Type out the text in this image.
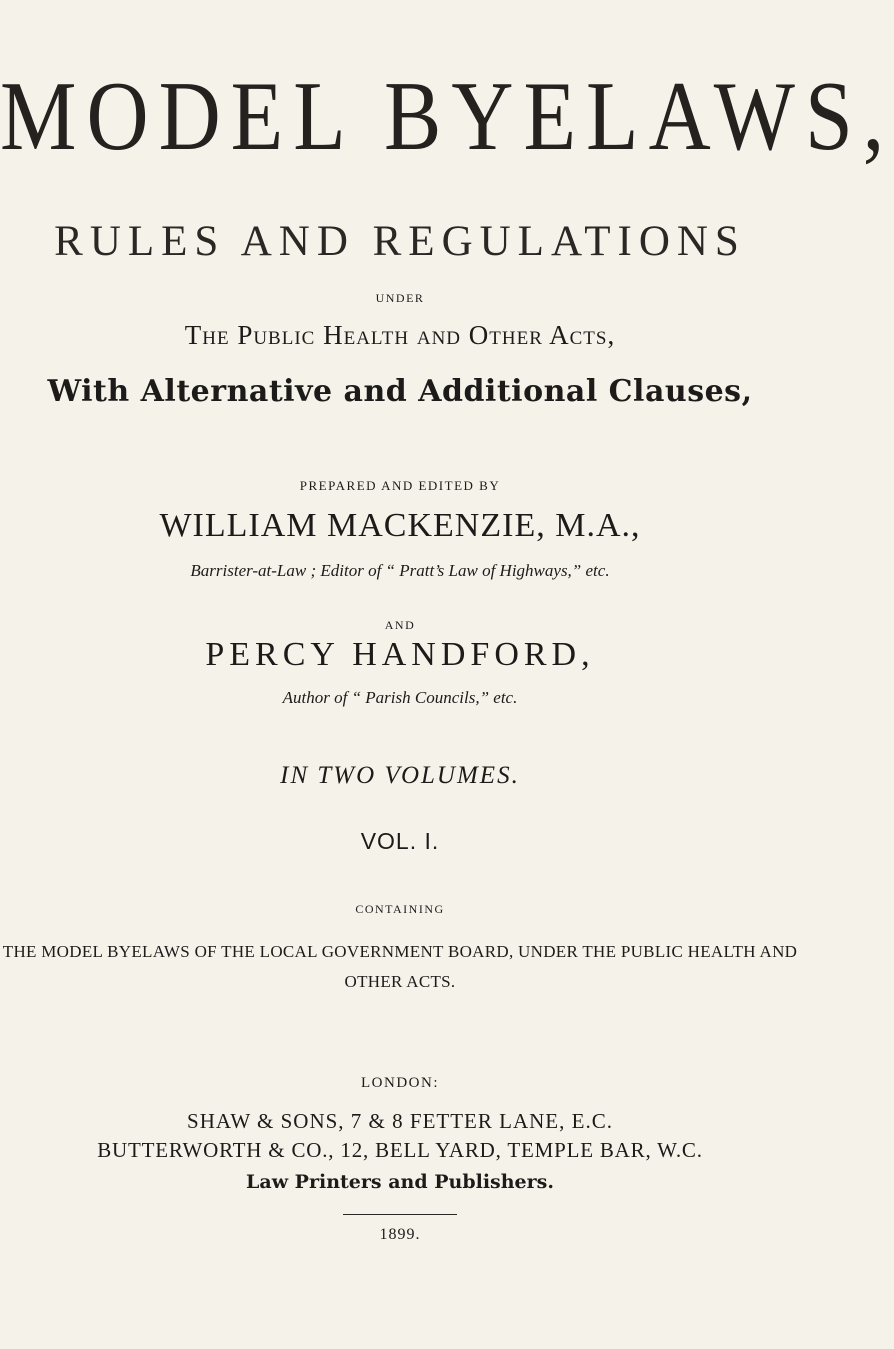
MODEL BYELAWS,
RULES AND REGULATIONS
UNDER
The Public Health and Other Acts,
With Alternative and Additional Clauses,
PREPARED AND EDITED BY
WILLIAM MACKENZIE, M.A.,
Barrister-at-Law ; Editor of “ Pratt’s Law of Highways,” etc.
AND
PERCY HANDFORD,
Author of “ Parish Councils,” etc.
IN TWO VOLUMES.
VOL. I.
CONTAINING
THE MODEL BYELAWS OF THE LOCAL GOVERNMENT BOARD, UNDER THE PUBLIC HEALTH AND OTHER ACTS.
LONDON:
SHAW & SONS, 7 & 8 FETTER LANE, E.C.
BUTTERWORTH & CO., 12, BELL YARD, TEMPLE BAR, W.C.
Law Printers and Publishers.
1899.
